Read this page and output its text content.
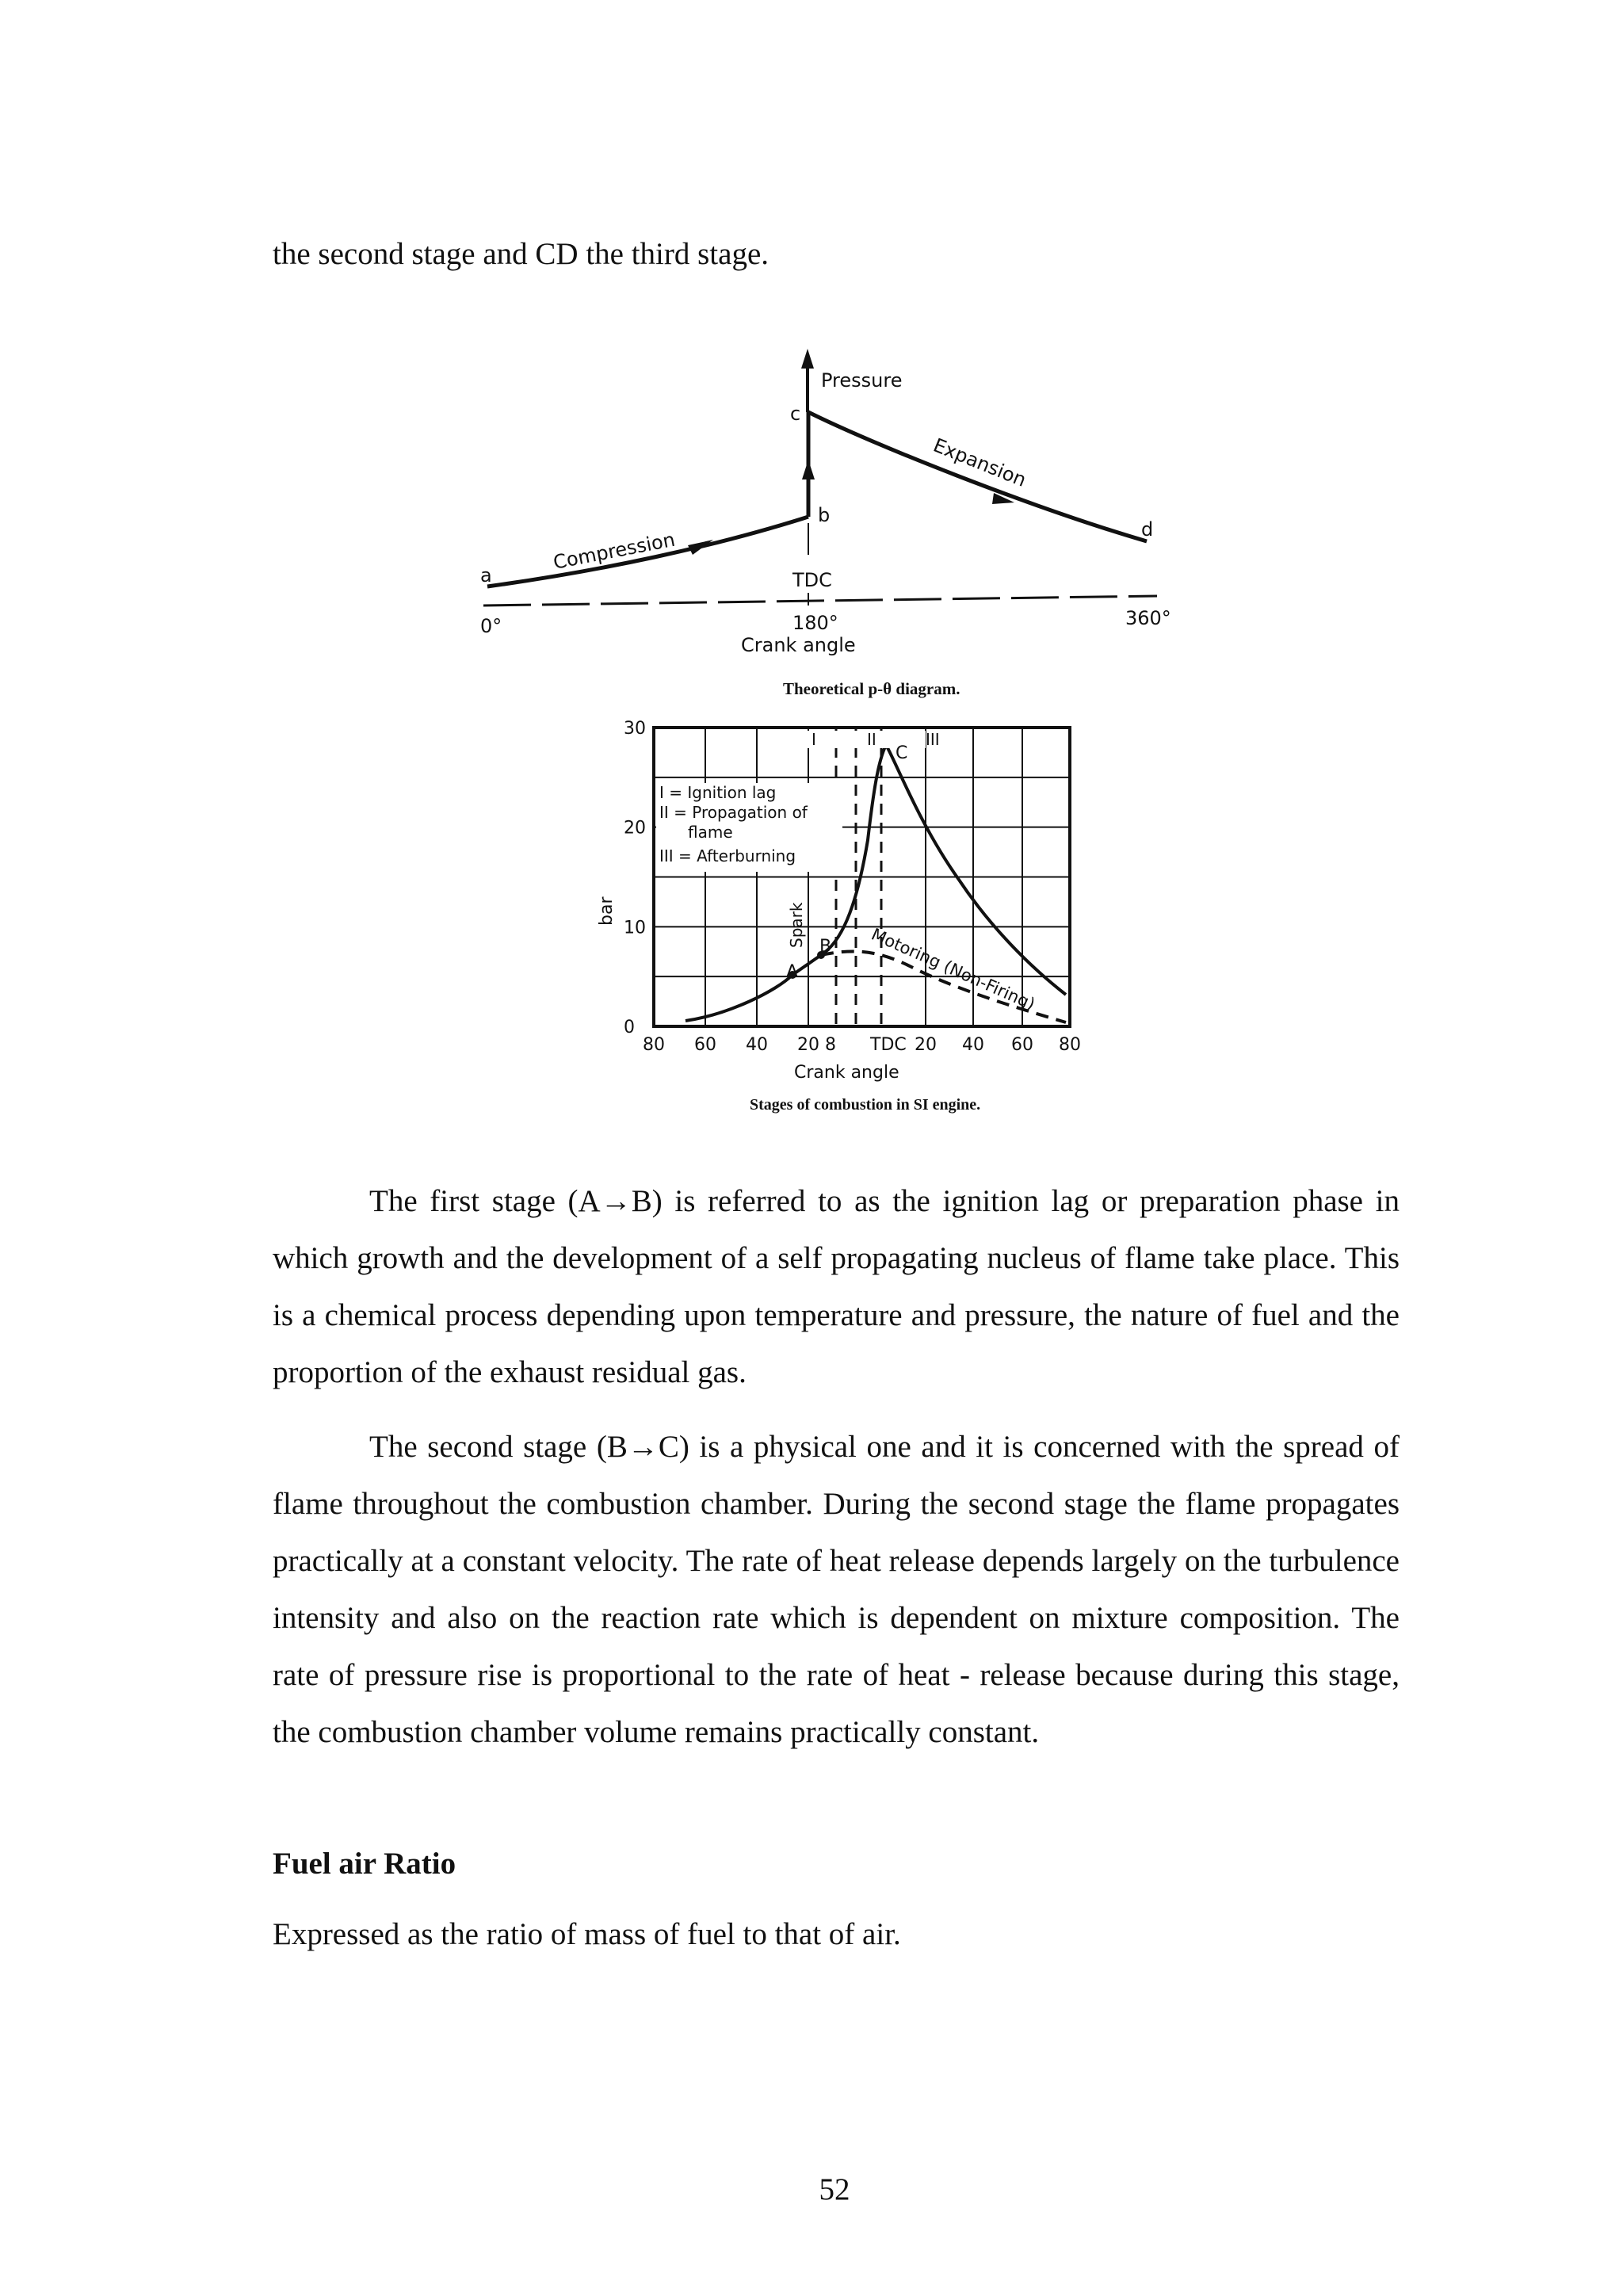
the second stage and CD the third stage.

Pressure
TDC
a
b
c
d
Compression
Expansion
0°	180°	360°
Crank angle
Theoretical p-θ diagram.
0
10
20
30
80 60 40 20 8 TDC 20 40 60 80
I = Ignition lag
II = Propagation of
flame
III = Afterburning
I	II	III
A
B
C
Spark	Motoring (Non-Firing)
bar
Crank angle
Stages of combustion in SI engine.

The first stage (A→B) is referred to as the ignition lag or preparation phase in which growth and the development of a self propagating nucleus of flame take place. This is a chemical process depending upon temperature and pressure, the nature of fuel and the proportion of the exhaust residual gas.

The second stage (B→C) is a physical one and it is concerned with the spread of flame throughout the combustion chamber. During the second stage the flame propagates practically at a constant velocity. The rate of heat release depends largely on the turbulence intensity and also on the reaction rate which is dependent on mixture composition. The rate of pressure rise is proportional to the rate of heat - release because during this stage, the combustion chamber volume remains practically constant.

Fuel air Ratio

Expressed as the ratio of mass of fuel to that of air.

52
